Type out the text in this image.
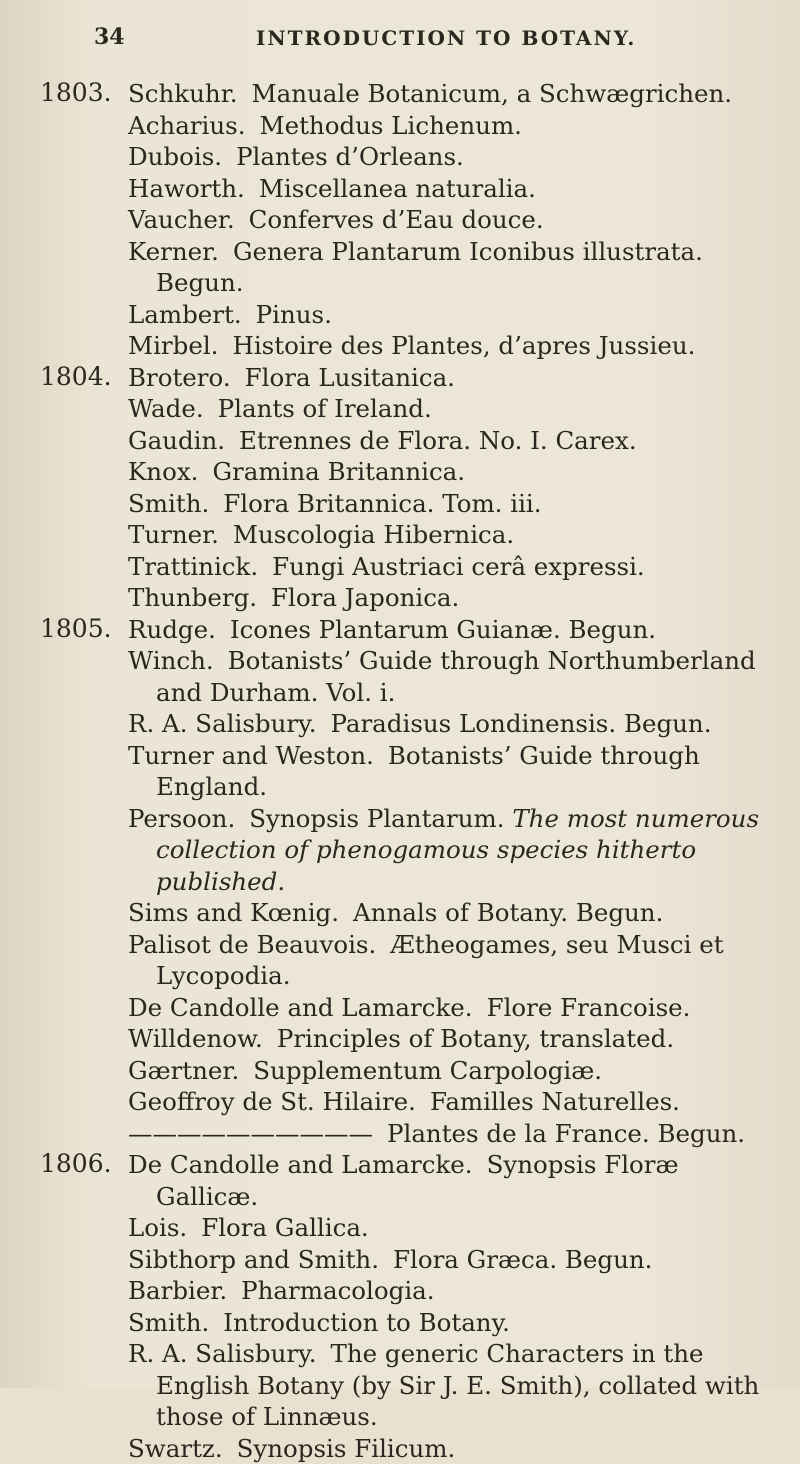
34	INTRODUCTION TO BOTANY.
1803. Schkuhr. Manuale Botanicum, a Schwægrichen.
Acharius. Methodus Lichenum.
Dubois. Plantes d’Orleans.
Haworth. Miscellanea naturalia.
Vaucher. Conferves d’Eau douce.
Kerner. Genera Plantarum Iconibus illustrata. Begun.
Lambert. Pinus.
Mirbel. Histoire des Plantes, d’apres Jussieu.
1804. Brotero. Flora Lusitanica.
Wade. Plants of Ireland.
Gaudin. Etrennes de Flora. No. I. Carex.
Knox. Gramina Britannica.
Smith. Flora Britannica. Tom. iii.
Turner. Muscologia Hibernica.
Trattinick. Fungi Austriaci cerâ expressi.
Thunberg. Flora Japonica.
1805. Rudge. Icones Plantarum Guianæ. Begun.
Winch. Botanists’ Guide through Northumberland and Durham. Vol. i.
R. A. Salisbury. Paradisus Londinensis. Begun.
Turner and Weston. Botanists’ Guide through England.
Persoon. Synopsis Plantarum. The most numerous collection of phenogamous species hitherto published.
Sims and Kœnig. Annals of Botany. Begun.
Palisot de Beauvois. Ætheogames, seu Musci et Lycopodia.
De Candolle and Lamarcke. Flore Francoise.
Willdenow. Principles of Botany, translated.
Gærtner. Supplementum Carpologiæ.
Geoffroy de St. Hilaire. Familles Naturelles.
—————————— Plantes de la France. Begun.
1806. De Candolle and Lamarcke. Synopsis Floræ Gallicæ.
Lois. Flora Gallica.
Sibthorp and Smith. Flora Græca. Begun.
Barbier. Pharmacologia.
Smith. Introduction to Botany.
R. A. Salisbury. The generic Characters in the English Botany (by Sir J. E. Smith), collated with those of Linnæus.
Swartz. Synopsis Filicum.
